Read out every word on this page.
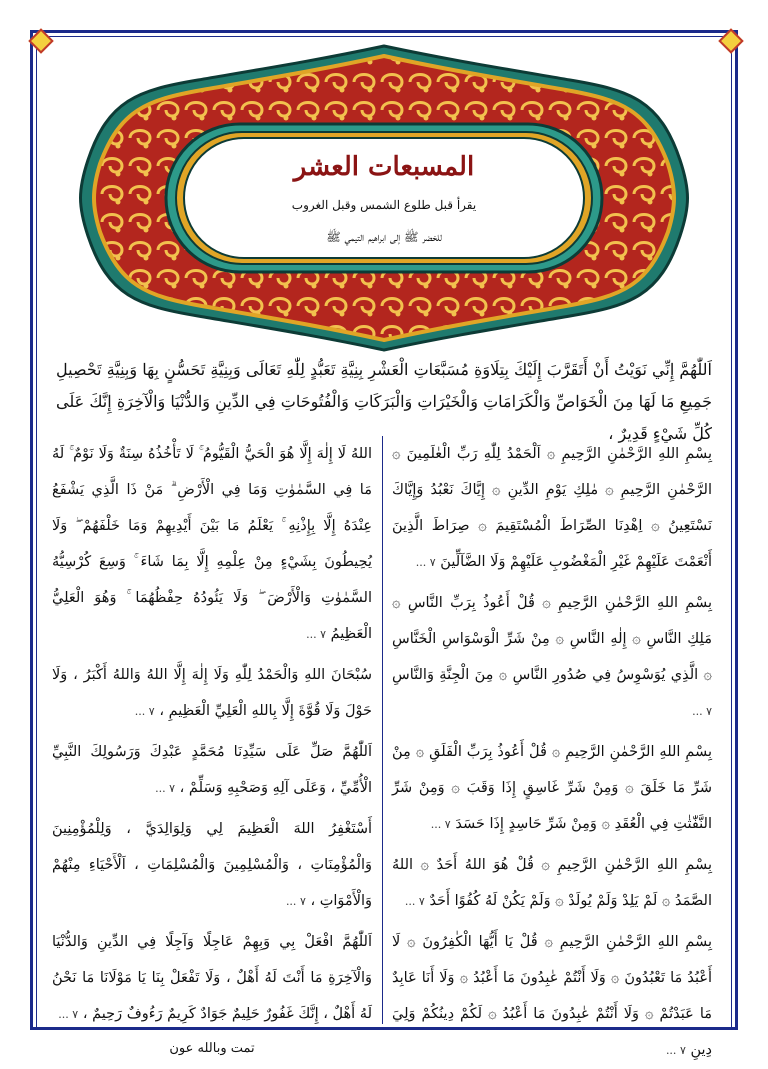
المسبعات العشر
يقرأ قبل طلوع الشمس وقبل الغروب
للخضر ﷺ إلى ابراهيم التيمي ﷺ
اَللّٰهُمَّ إِنِّي نَوَيْتُ أَنْ أَتَقَرَّبَ إِلَيْكَ بِتِلَاوَةِ مُسَبَّعَاتِ الْعَشْرِ بِنِيَّةِ تَعَبُّدٍ لِلّٰهِ تَعَالَى وَبِنِيَّةِ تَحَسُّنٍ بِهَا وَبِنِيَّةِ تَحْصِيلِ جَمِيعِ مَا لَهَا مِنَ الْخَوَاصِّ وَالْكَرَامَاتِ وَالْخَيْرَاتِ وَالْبَرَكَاتِ وَالْفُتُوحَاتِ فِي الدِّينِ وَالدُّنْيَا وَالْآخِرَةِ إِنَّكَ عَلَى كُلِّ شَيْءٍ قَدِيرٌ ،
بِسْمِ اللهِ الرَّحْمٰنِ الرَّحِيمِ ۞ اَلْحَمْدُ لِلّٰهِ رَبِّ الْعٰلَمِينَ ۞ الرَّحْمٰنِ الرَّحِيمِ ۞ مٰلِكِ يَوْمِ الدِّينِ ۞ إِيَّاكَ نَعْبُدُ وَإِيَّاكَ نَسْتَعِينُ ۞ اِهْدِنَا الصِّرَاطَ الْمُسْتَقِيمَ ۞ صِرَاطَ الَّذِينَ أَنْعَمْتَ عَلَيْهِمْ غَيْرِ الْمَغْضُوبِ عَلَيْهِمْ وَلَا الضَّآلِّينَ ۷ ...
بِسْمِ اللهِ الرَّحْمٰنِ الرَّحِيمِ ۞ قُلْ أَعُوذُ بِرَبِّ النَّاسِ ۞ مَلِكِ النَّاسِ ۞ إِلٰهِ النَّاسِ ۞ مِنْ شَرِّ الْوَسْوَاسِ الْخَنَّاسِ ۞ الَّذِي يُوَسْوِسُ فِي صُدُورِ النَّاسِ ۞ مِنَ الْجِنَّةِ وَالنَّاسِ ۷ ...
بِسْمِ اللهِ الرَّحْمٰنِ الرَّحِيمِ ۞ قُلْ أَعُوذُ بِرَبِّ الْفَلَقِ ۞ مِنْ شَرِّ مَا خَلَقَ ۞ وَمِنْ شَرِّ غَاسِقٍ إِذَا وَقَبَ ۞ وَمِنْ شَرِّ النَّفّٰثٰتِ فِي الْعُقَدِ ۞ وَمِنْ شَرِّ حَاسِدٍ إِذَا حَسَدَ ۷ ...
بِسْمِ اللهِ الرَّحْمٰنِ الرَّحِيمِ ۞ قُلْ هُوَ اللهُ أَحَدٌ ۞ اللهُ الصَّمَدُ ۞ لَمْ يَلِدْ وَلَمْ يُولَدْ ۞ وَلَمْ يَكُنْ لَهُ كُفُوًا أَحَدٌ ۷ ...
بِسْمِ اللهِ الرَّحْمٰنِ الرَّحِيمِ ۞ قُلْ يَا أَيُّهَا الْكٰفِرُونَ ۞ لَا أَعْبُدُ مَا تَعْبُدُونَ ۞ وَلَا أَنْتُمْ عٰبِدُونَ مَا أَعْبُدُ ۞ وَلَا أَنَا عَابِدٌ مَا عَبَدْتُمْ ۞ وَلَا أَنْتُمْ عٰبِدُونَ مَا أَعْبُدُ ۞ لَكُمْ دِينُكُمْ وَلِيَ دِينِ ۷ ...
اللهُ لَا إِلٰهَ إِلَّا هُوَ الْحَيُّ الْقَيُّومُ ۚ لَا تَأْخُذُهُ سِنَةٌ وَلَا نَوْمٌ ۚ لَهُ مَا فِي السَّمٰوٰتِ وَمَا فِي الْأَرْضِ ۗ مَنْ ذَا الَّذِي يَشْفَعُ عِنْدَهُ إِلَّا بِإِذْنِهِ ۚ يَعْلَمُ مَا بَيْنَ أَيْدِيهِمْ وَمَا خَلْفَهُمْ ۖ وَلَا يُحِيطُونَ بِشَيْءٍ مِنْ عِلْمِهِ إِلَّا بِمَا شَاءَ ۚ وَسِعَ كُرْسِيُّهُ السَّمٰوٰتِ وَالْأَرْضَ ۖ وَلَا يَئُودُهُ حِفْظُهُمَا ۚ وَهُوَ الْعَلِيُّ الْعَظِيمُ ۷ ...
سُبْحَانَ اللهِ وَالْحَمْدُ لِلّٰهِ وَلَا إِلٰهَ إِلَّا اللهُ وَاللهُ أَكْبَرُ ، وَلَا حَوْلَ وَلَا قُوَّةَ إِلَّا بِاللهِ الْعَلِيِّ الْعَظِيمِ ، ۷ ...
اَللّٰهُمَّ صَلِّ عَلَى سَيِّدِنَا مُحَمَّدٍ عَبْدِكَ وَرَسُولِكَ النَّبِيِّ الْأُمِّيِّ ، وَعَلَى آلِهِ وَصَحْبِهِ وَسَلِّمْ ، ۷ ...
أَسْتَغْفِرُ اللهَ الْعَظِيمَ لِي وَلِوَالِدَيَّ ، وَلِلْمُؤْمِنِينَ وَالْمُؤْمِنَاتِ ، وَالْمُسْلِمِينَ وَالْمُسْلِمَاتِ ، اَلْأَحْيَاءِ مِنْهُمْ وَالْأَمْوَاتِ ، ۷ ...
اَللّٰهُمَّ افْعَلْ بِي وَبِهِمْ عَاجِلًا وَآجِلًا فِي الدِّينِ وَالدُّنْيَا وَالْآخِرَةِ مَا أَنْتَ لَهُ أَهْلٌ ، وَلَا تَفْعَلْ بِنَا يَا مَوْلَانَا مَا نَحْنُ لَهُ أَهْلٌ ، إِنَّكَ غَفُورٌ حَلِيمٌ جَوَادٌ كَرِيمٌ رَءُوفٌ رَحِيمٌ ، ۷ ...
تمت وبالله عون
